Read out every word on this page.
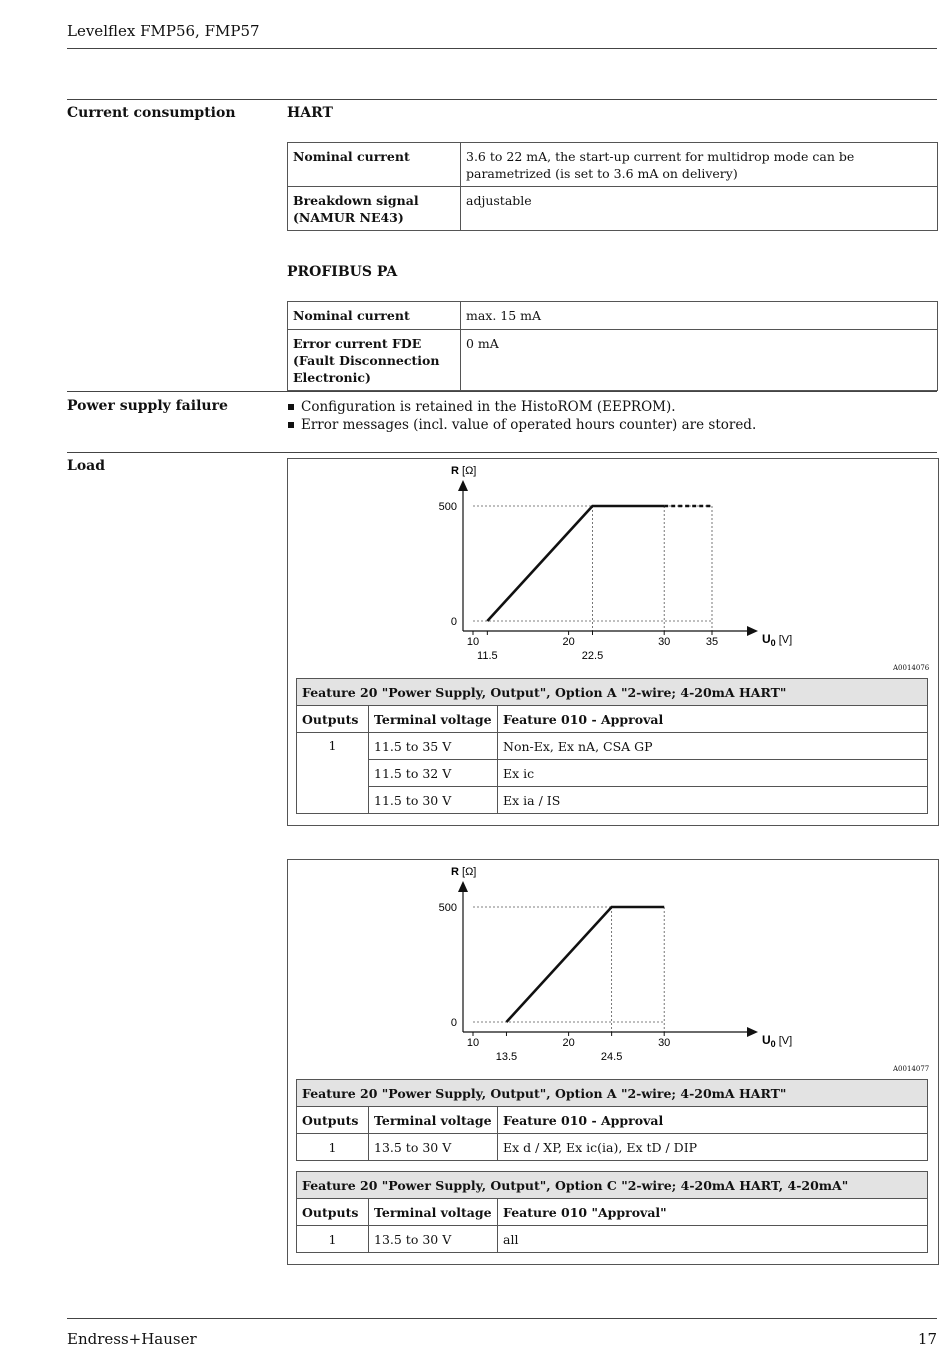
Levelflex FMP56, FMP57
Current consumption	HART
Nominal current	3.6 to 22 mA, the start-up current for multidrop mode can be parametrized (is set to 3.6 mA on delivery)
Breakdown signal (NAMUR NE43)	adjustable
PROFIBUS PA
Nominal current	max. 15 mA
Error current FDE (Fault Disconnection Electronic)	0 mA
Power supply failure	Configuration is retained in the HistoROM (EEPROM).
Error messages (incl. value of operated hours counter) are stored.
Load
500
0
10	20	30	35
11.5	22.5
R [Ω]
$U_0$ [V]
A0014076
Feature 20 "Power Supply, Output", Option A "2-wire; 4-20mA HART"		
Outputs	Terminal voltage	Feature 010 - Approval
1	11.5 to 35 V	Non-Ex, Ex nA, CSA GP
	11.5 to 32 V	Ex ic
	11.5 to 30 V	Ex ia / IS
500
0
10	20	30
13.5	24.5
R [Ω]
$U_0$ [V]
A0014077
Feature 20 "Power Supply, Output", Option A "2-wire; 4-20mA HART"		
Outputs	Terminal voltage	Feature 010 - Approval
1	13.5 to 30 V	Ex d / XP, Ex ic(ia), Ex tD / DIP
Feature 20 "Power Supply, Output", Option C "2-wire; 4-20mA HART, 4-20mA"		
Outputs	Terminal voltage	Feature 010 "Approval"
1	13.5 to 30 V	all
Endress+Hauser	17
